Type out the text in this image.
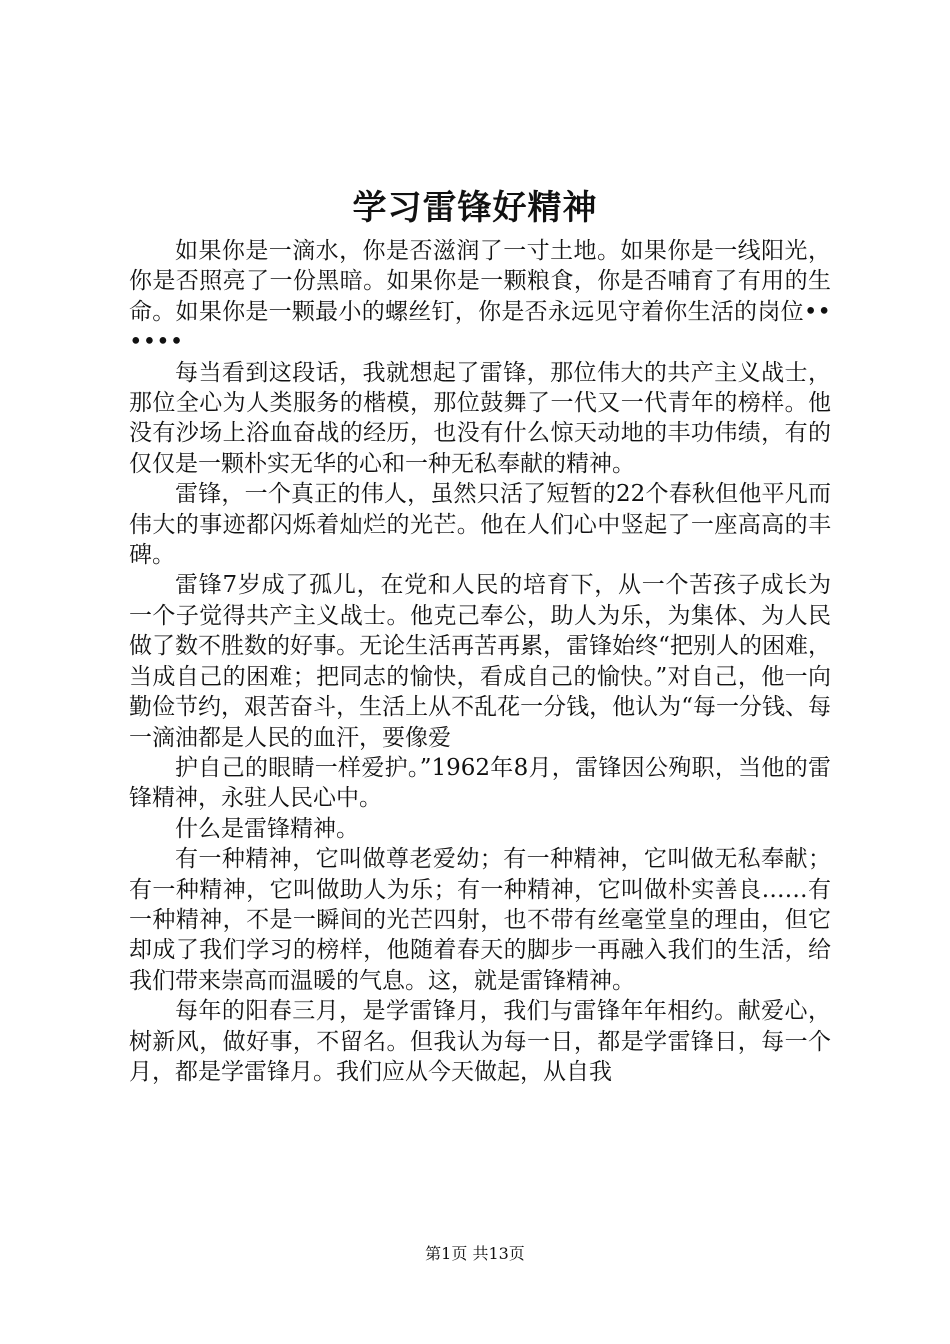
学习雷锋好精神

如果你是一滴水，你是否滋润了一寸土地。如果你是一线阳光，你是否照亮了一份黑暗。如果你是一颗粮食，你是否哺育了有用的生命。如果你是一颗最小的螺丝钉，你是否永远见守着你生活的岗位••••••

每当看到这段话，我就想起了雷锋，那位伟大的共产主义战士，那位全心为人类服务的楷模，那位鼓舞了一代又一代青年的榜样。他没有沙场上浴血奋战的经历，也没有什么惊天动地的丰功伟绩，有的仅仅是一颗朴实无华的心和一种无私奉献的精神。

雷锋，一个真正的伟人，虽然只活了短暂的22个春秋但他平凡而伟大的事迹都闪烁着灿烂的光芒。他在人们心中竖起了一座高高的丰碑。

雷锋7岁成了孤儿，在党和人民的培育下，从一个苦孩子成长为一个子觉得共产主义战士。他克己奉公，助人为乐，为集体、为人民做了数不胜数的好事。无论生活再苦再累，雷锋始终“把别人的困难，当成自己的困难；把同志的愉快，看成自己的愉快。”对自己，他一向勤俭节约，艰苦奋斗，生活上从不乱花一分钱，他认为“每一分钱、每一滴油都是人民的血汗，要像爱

护自己的眼睛一样爱护。”1962年8月，雷锋因公殉职，当他的雷锋精神，永驻人民心中。

什么是雷锋精神。

有一种精神，它叫做尊老爱幼；有一种精神，它叫做无私奉献；有一种精神，它叫做助人为乐；有一种精神，它叫做朴实善良……有一种精神，不是一瞬间的光芒四射，也不带有丝毫堂皇的理由，但它却成了我们学习的榜样，他随着春天的脚步一再融入我们的生活，给我们带来崇高而温暖的气息。这，就是雷锋精神。

每年的阳春三月，是学雷锋月，我们与雷锋年年相约。献爱心，树新风，做好事，不留名。但我认为每一日，都是学雷锋日，每一个月，都是学雷锋月。我们应从今天做起，从自我

第1页 共13页
